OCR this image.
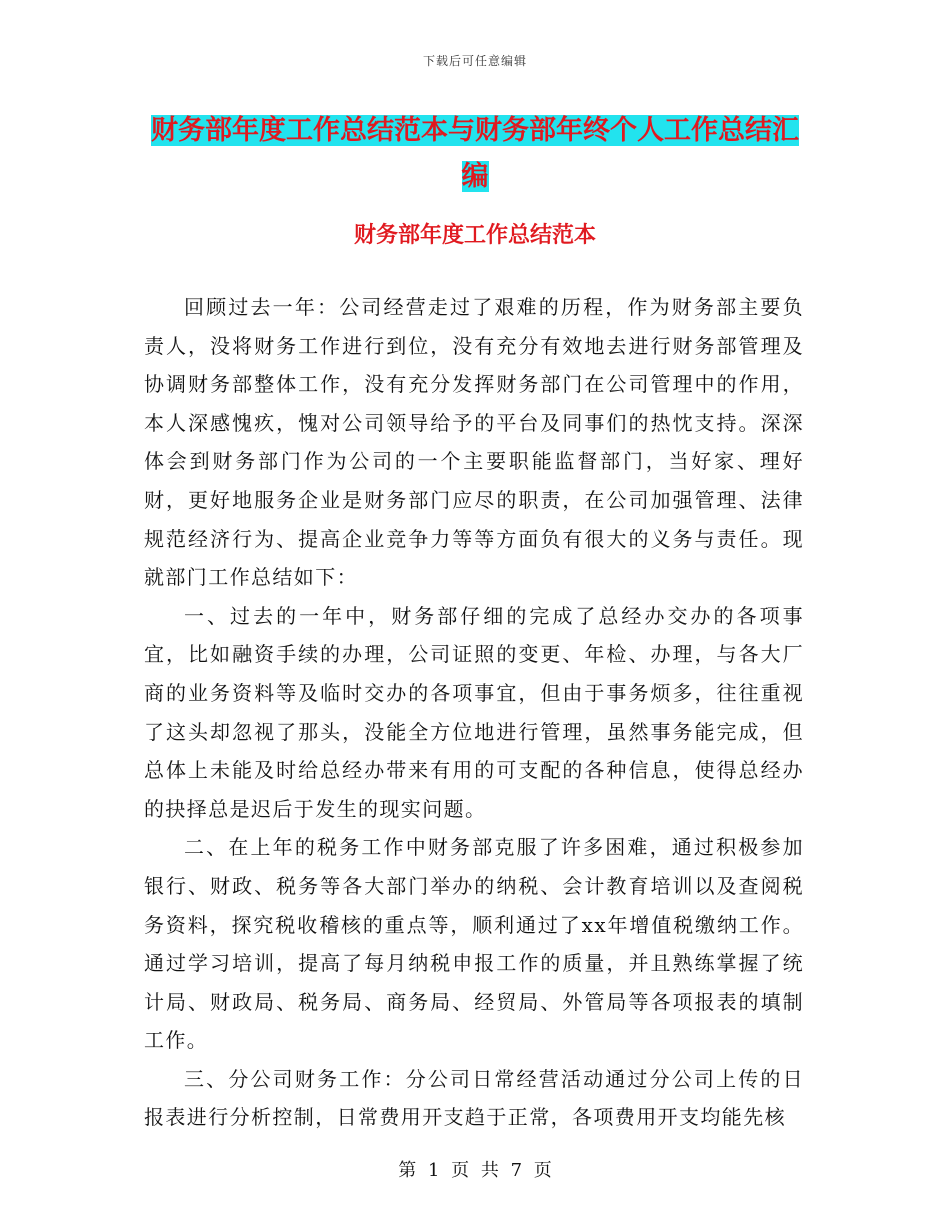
下载后可任意编辑
财务部年度工作总结范本与财务部年终个人工作总结汇编
财务部年度工作总结范本

回顾过去一年：公司经营走过了艰难的历程，作为财务部主要负责人，没将财务工作进行到位，没有充分有效地去进行财务部管理及协调财务部整体工作，没有充分发挥财务部门在公司管理中的作用，本人深感愧疚，愧对公司领导给予的平台及同事们的热忱支持。深深体会到财务部门作为公司的一个主要职能监督部门，当好家、理好财，更好地服务企业是财务部门应尽的职责，在公司加强管理、法律规范经济行为、提高企业竞争力等等方面负有很大的义务与责任。现就部门工作总结如下：

一、过去的一年中，财务部仔细的完成了总经办交办的各项事宜，比如融资手续的办理，公司证照的变更、年检、办理，与各大厂商的业务资料等及临时交办的各项事宜，但由于事务烦多，往往重视了这头却忽视了那头，没能全方位地进行管理，虽然事务能完成，但总体上未能及时给总经办带来有用的可支配的各种信息，使得总经办的抉择总是迟后于发生的现实问题。

二、在上年的税务工作中财务部克服了许多困难，通过积极参加银行、财政、税务等各大部门举办的纳税、会计教育培训以及查阅税务资料，探究税收稽核的重点等，顺利通过了xx年增值税缴纳工作。通过学习培训，提高了每月纳税申报工作的质量，并且熟练掌握了统计局、财政局、税务局、商务局、经贸局、外管局等各项报表的填制工作。

三、分公司财务工作：分公司日常经营活动通过分公司上传的日报表进行分析控制，日常费用开支趋于正常，各项费用开支均能先核

第 1 页 共 7 页
